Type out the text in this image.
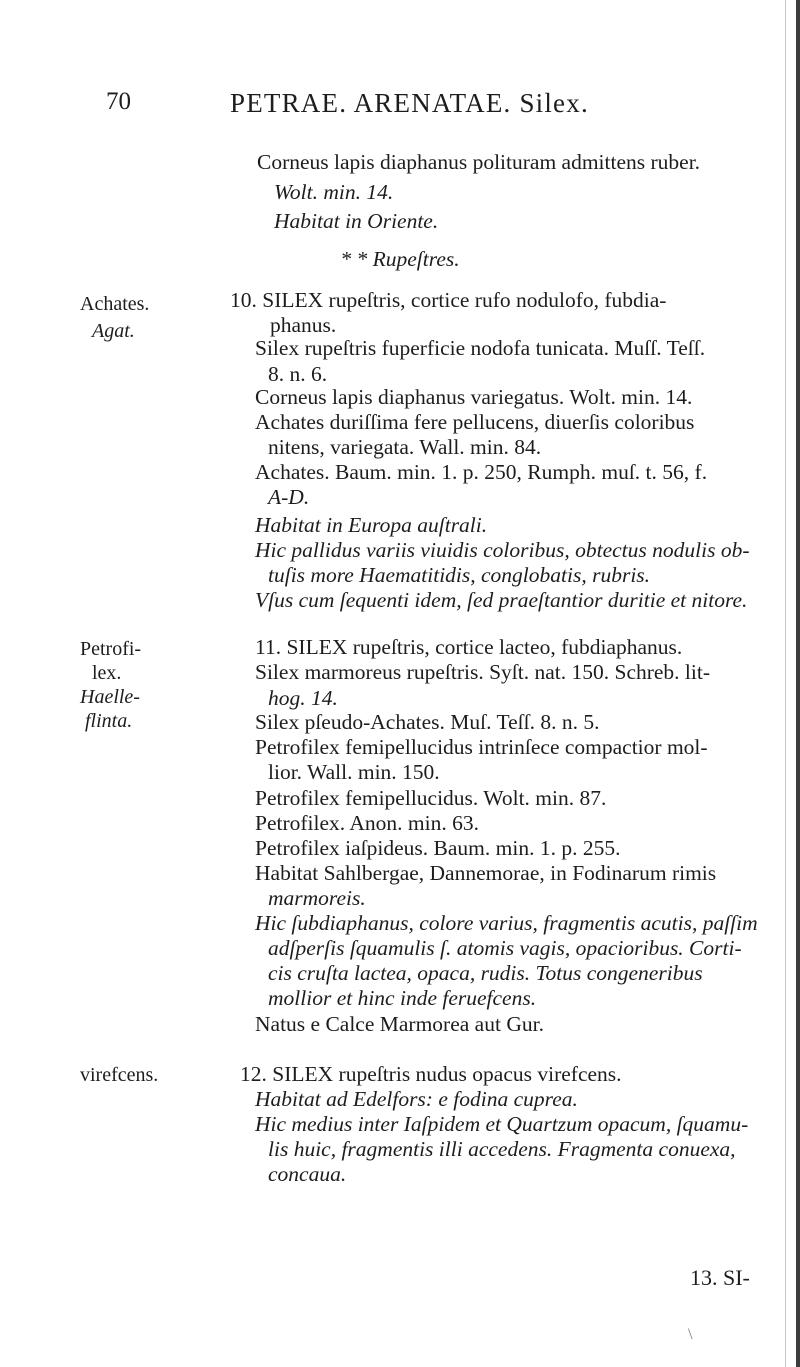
70	PETRAE. ARENATAE. Silex.
Corneus lapis diaphanus polituram admittens ruber.
Wolt. min. 14.
Habitat in Oriente.
* * Rupeſtres.
Achates.
Agat.
10. SILEX rupeſtris, cortice rufo nodulofo, fubdia-
phanus.
Silex rupeſtris fuperficie nodofa tunicata. Muſſ. Teſſ.
8. n. 6.
Corneus lapis diaphanus variegatus. Wolt. min. 14.
Achates duriſſima fere pellucens, diuerſis coloribus
nitens, variegata. Wall. min. 84.
Achates. Baum. min. 1. p. 250, Rumph. muſ. t. 56, f.
A-D.
Habitat in Europa auſtrali.
Hic pallidus variis viuidis coloribus, obtectus nodulis ob-
tuſis more Haematitidis, conglobatis, rubris.
Vſus cum ſequenti idem, ſed praeſtantior duritie et nitore.
Petrofi-
lex.
Haelle-
flinta.
11. SILEX rupeſtris, cortice lacteo, fubdiaphanus.
Silex marmoreus rupeſtris. Syſt. nat. 150. Schreb. lit-
hog. 14.
Silex pſeudo-Achates. Muſ. Teſſ. 8. n. 5.
Petrofilex femipellucidus intrinſece compactior mol-
lior. Wall. min. 150.
Petrofilex femipellucidus. Wolt. min. 87.
Petrofilex. Anon. min. 63.
Petrofilex iaſpideus. Baum. min. 1. p. 255.
Habitat Sahlbergae, Dannemorae, in Fodinarum rimis
marmoreis.
Hic ſubdiaphanus, colore varius, fragmentis acutis, paſſim
adſperſis ſquamulis ſ. atomis vagis, opacioribus. Corti-
cis cruſta lactea, opaca, rudis. Totus congeneribus
mollior et hinc inde feruefcens.
Natus e Calce Marmorea aut Gur.
virefcens.	12. SILEX rupeſtris nudus opacus virefcens.
Habitat ad Edelfors: e fodina cuprea.
Hic medius inter Iaſpidem et Quartzum opacum, ſquamu-
lis huic, fragmentis illi accedens. Fragmenta conuexa,
concaua.
13. SI-
\
